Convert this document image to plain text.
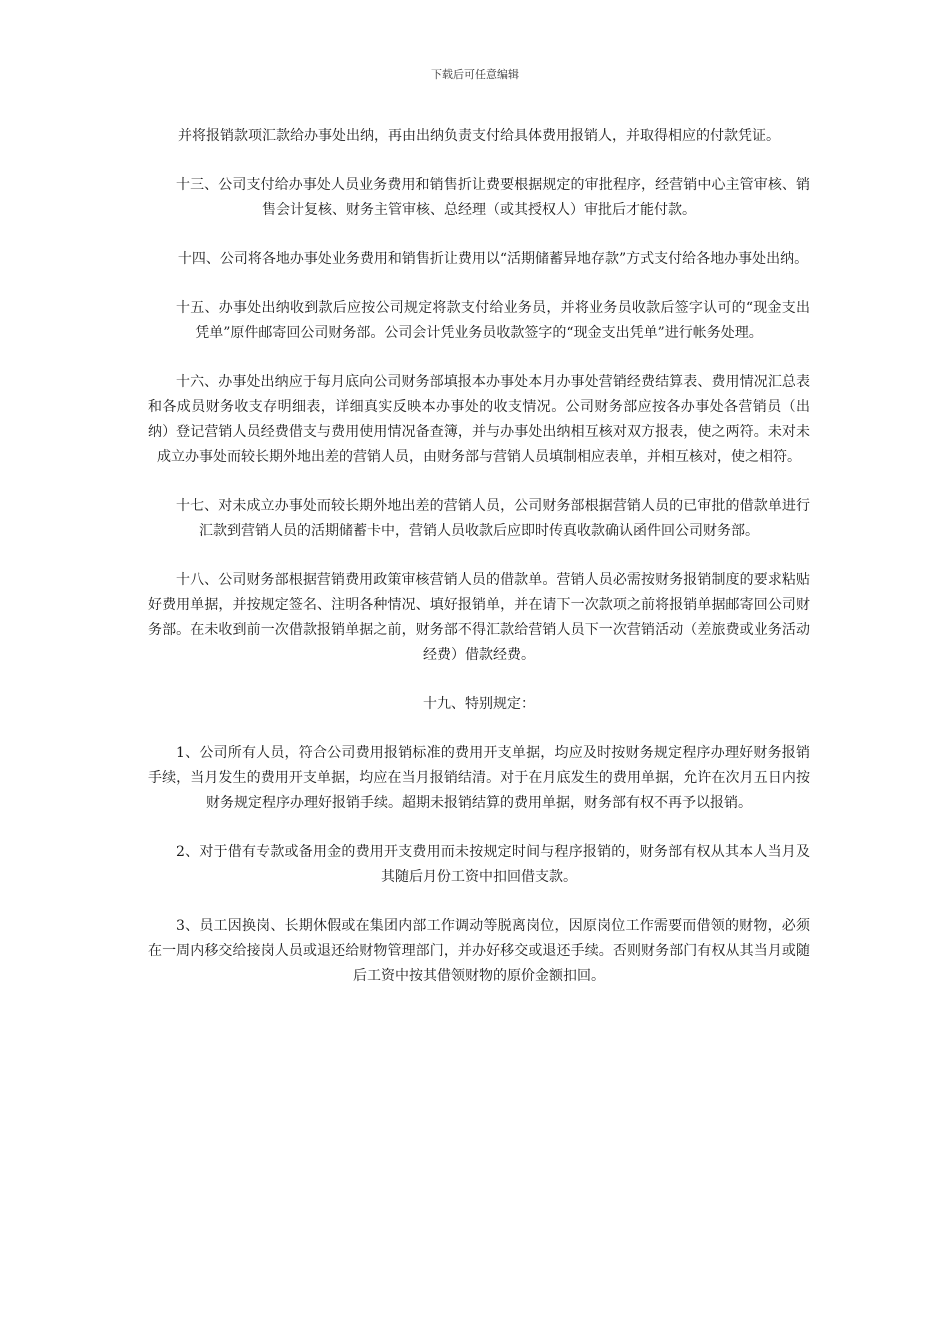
下载后可任意编辑

并将报销款项汇款给办事处出纳，再由出纳负责支付给具体费用报销人，并取得相应的付款凭证。

十三、公司支付给办事处人员业务费用和销售折让费要根据规定的审批程序，经营销中心主管审核、销售会计复核、财务主管审核、总经理（或其授权人）审批后才能付款。

十四、公司将各地办事处业务费用和销售折让费用以“活期储蓄异地存款”方式支付给各地办事处出纳。

十五、办事处出纳收到款后应按公司规定将款支付给业务员，并将业务员收款后签字认可的“现金支出凭单”原件邮寄回公司财务部。公司会计凭业务员收款签字的“现金支出凭单”进行帐务处理。

十六、办事处出纳应于每月底向公司财务部填报本办事处本月办事处营销经费结算表、费用情况汇总表和各成员财务收支存明细表，详细真实反映本办事处的收支情况。公司财务部应按各办事处各营销员（出纳）登记营销人员经费借支与费用使用情况备查簿，并与办事处出纳相互核对双方报表，使之两符。未对未成立办事处而较长期外地出差的营销人员，由财务部与营销人员填制相应表单，并相互核对，使之相符。

十七、对未成立办事处而较长期外地出差的营销人员，公司财务部根据营销人员的已审批的借款单进行汇款到营销人员的活期储蓄卡中，营销人员收款后应即时传真收款确认函件回公司财务部。

十八、公司财务部根据营销费用政策审核营销人员的借款单。营销人员必需按财务报销制度的要求粘贴好费用单据，并按规定签名、注明各种情况、填好报销单，并在请下一次款项之前将报销单据邮寄回公司财务部。在未收到前一次借款报销单据之前，财务部不得汇款给营销人员下一次营销活动（差旅费或业务活动经费）借款经费。

十九、特别规定：

1、公司所有人员，符合公司费用报销标准的费用开支单据，均应及时按财务规定程序办理好财务报销手续，当月发生的费用开支单据，均应在当月报销结清。对于在月底发生的费用单据，允许在次月五日内按财务规定程序办理好报销手续。超期未报销结算的费用单据，财务部有权不再予以报销。

2、对于借有专款或备用金的费用开支费用而未按规定时间与程序报销的，财务部有权从其本人当月及其随后月份工资中扣回借支款。

3、员工因换岗、长期休假或在集团内部工作调动等脱离岗位，因原岗位工作需要而借领的财物，必须在一周内移交给接岗人员或退还给财物管理部门，并办好移交或退还手续。否则财务部门有权从其当月或随后工资中按其借领财物的原价金额扣回。
